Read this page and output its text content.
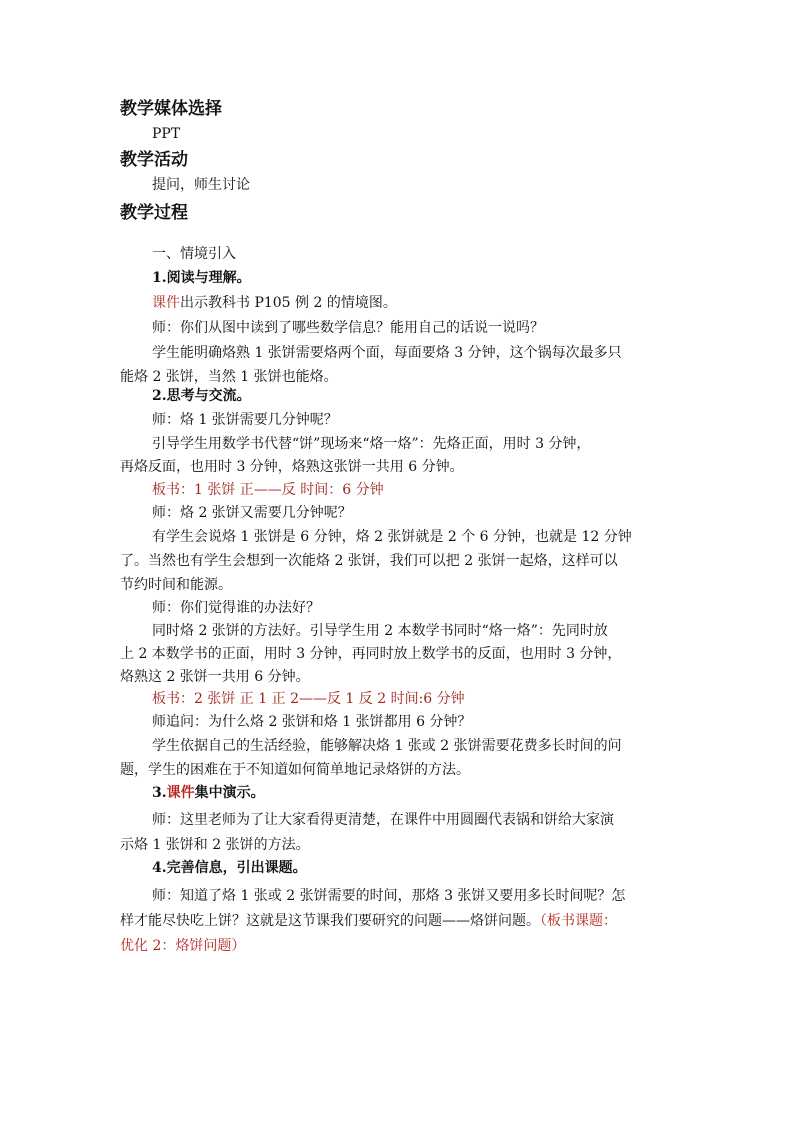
教学媒体选择
PPT
教学活动
提问，师生讨论
教学过程
一、情境引入
1.阅读与理解。
课件出示教科书 P105 例 2 的情境图。
师：你们从图中读到了哪些数学信息？能用自己的话说一说吗？
学生能明确烙熟 1 张饼需要烙两个面，每面要烙 3 分钟，这个锅每次最多只
能烙 2 张饼，当然 1 张饼也能烙。
2.思考与交流。
师：烙 1 张饼需要几分钟呢？
引导学生用数学书代替“饼”现场来“烙一烙”：先烙正面，用时 3 分钟，
再烙反面，也用时 3 分钟，烙熟这张饼一共用 6 分钟。
板书：1 张饼 正——反 时间：6 分钟
师：烙 2 张饼又需要几分钟呢？
有学生会说烙 1 张饼是 6 分钟，烙 2 张饼就是 2 个 6 分钟，也就是 12 分钟
了。当然也有学生会想到一次能烙 2 张饼，我们可以把 2 张饼一起烙，这样可以
节约时间和能源。
师：你们觉得谁的办法好？
同时烙 2 张饼的方法好。引导学生用 2 本数学书同时“烙一烙”：先同时放
上 2 本数学书的正面，用时 3 分钟，再同时放上数学书的反面，也用时 3 分钟，
烙熟这 2 张饼一共用 6 分钟。
板书：2 张饼 正 1 正 2——反 1 反 2 时间:6 分钟
师追问：为什么烙 2 张饼和烙 1 张饼都用 6 分钟？
学生依据自己的生活经验，能够解决烙 1 张或 2 张饼需要花费多长时间的问
题，学生的困难在于不知道如何简单地记录烙饼的方法。
3.课件集中演示。
师：这里老师为了让大家看得更清楚，在课件中用圆圈代表锅和饼给大家演
示烙 1 张饼和 2 张饼的方法。
4.完善信息，引出课题。
师：知道了烙 1 张或 2 张饼需要的时间，那烙 3 张饼又要用多长时间呢？怎
样才能尽快吃上饼？这就是这节课我们要研究的问题——烙饼问题。（板书课题：
优化 2：烙饼问题）
